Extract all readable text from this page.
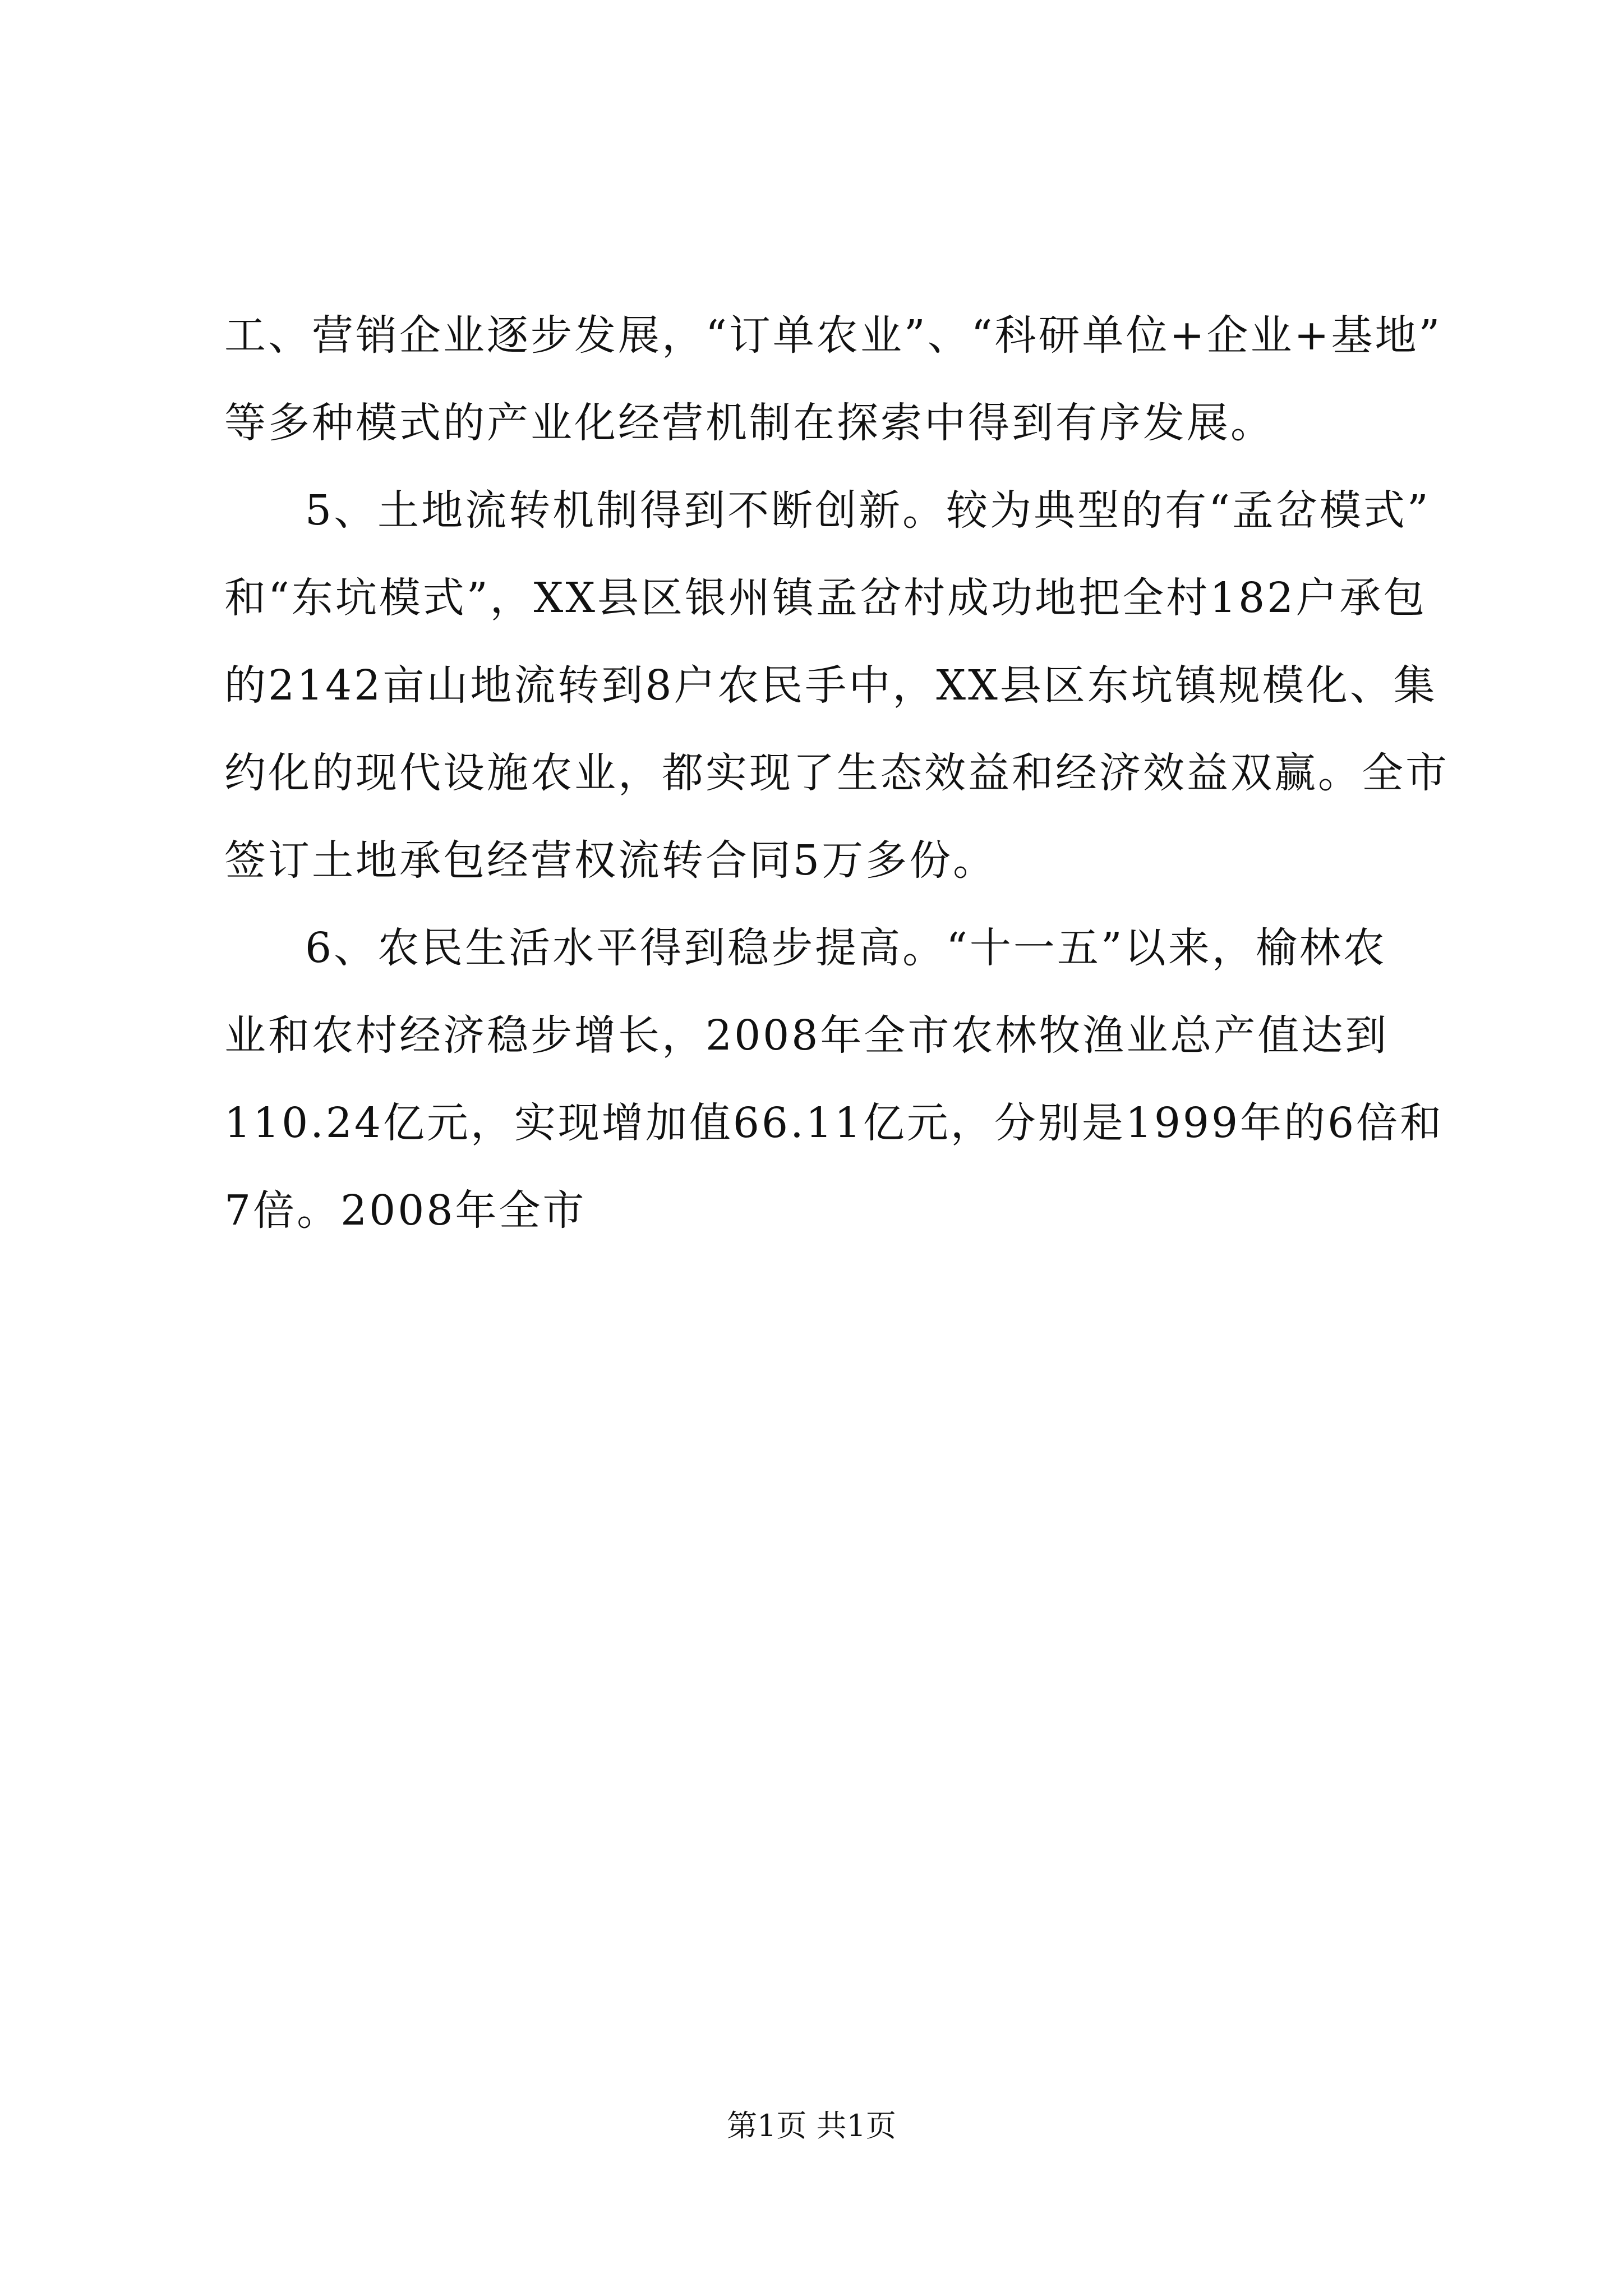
工、营销企业逐步发展，“订单农业”、“科研单位+企业+基地”
等多种模式的产业化经营机制在探索中得到有序发展。
5、土地流转机制得到不断创新。较为典型的有“孟岔模式”
和“东坑模式”，XX县区银州镇孟岔村成功地把全村182户承包
的2142亩山地流转到8户农民手中，XX县区东坑镇规模化、集
约化的现代设施农业，都实现了生态效益和经济效益双赢。全市
签订土地承包经营权流转合同5万多份。
6、农民生活水平得到稳步提高。“十一五”以来，榆林农
业和农村经济稳步增长，2008年全市农林牧渔业总产值达到
110.24亿元，实现增加值66.11亿元，分别是1999年的6倍和
7倍。2008年全市
第1页 共1页
